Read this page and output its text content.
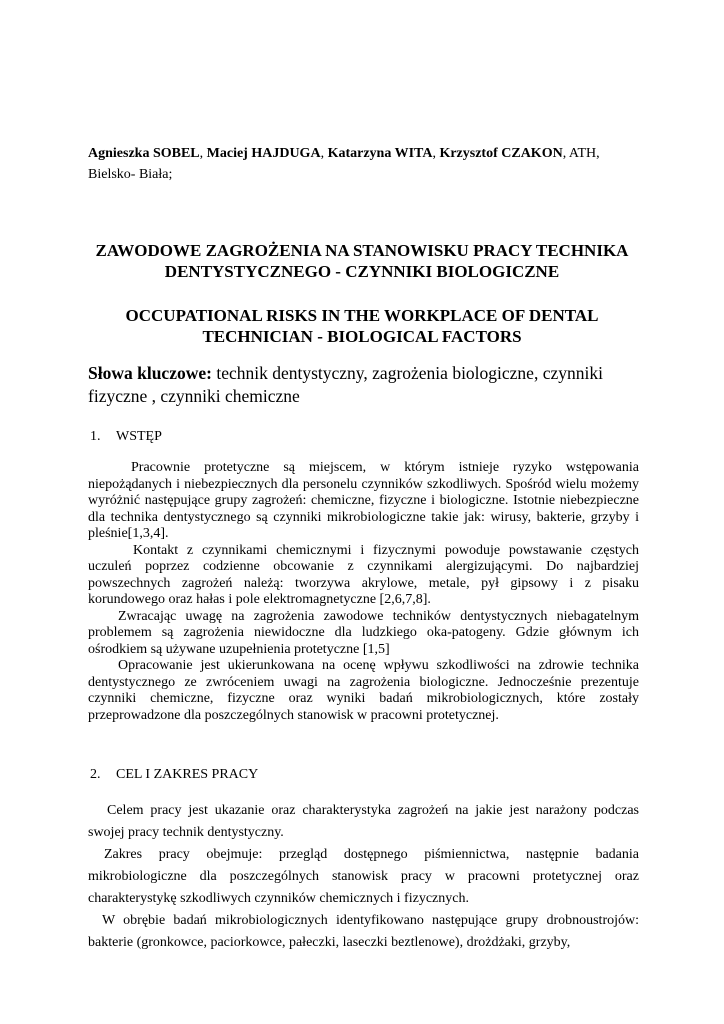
Agnieszka SOBEL, Maciej HAJDUGA, Katarzyna WITA, Krzysztof CZAKON, ATH, Bielsko- Biała;
ZAWODOWE ZAGROŻENIA NA STANOWISKU PRACY TECHNIKA
DENTYSTYCZNEGO - CZYNNIKI BIOLOGICZNE
OCCUPATIONAL RISKS IN THE WORKPLACE OF DENTAL
TECHNICIAN - BIOLOGICAL FACTORS
Słowa kluczowe: technik dentystyczny, zagrożenia biologiczne, czynniki fizyczne , czynniki chemiczne
1. WSTĘP

Pracownie protetyczne są miejscem, w którym istnieje ryzyko wstępowania niepożądanych i niebezpiecznych dla personelu czynników szkodliwych. Spośród wielu możemy wyróżnić następujące grupy zagrożeń: chemiczne, fizyczne i biologiczne. Istotnie niebezpieczne dla technika dentystycznego są czynniki mikrobiologiczne takie jak: wirusy, bakterie, grzyby i pleśnie[1,3,4].

Kontakt z czynnikami chemicznymi i fizycznymi powoduje powstawanie częstych uczuleń poprzez codzienne obcowanie z czynnikami alergizującymi. Do najbardziej powszechnych zagrożeń należą: tworzywa akrylowe, metale, pył gipsowy i z pisaku korundowego oraz hałas i pole elektromagnetyczne [2,6,7,8].

Zwracając uwagę na zagrożenia zawodowe techników dentystycznych niebagatelnym problemem są zagrożenia niewidoczne dla ludzkiego oka-patogeny. Gdzie głównym ich ośrodkiem są używane uzupełnienia protetyczne [1,5]

Opracowanie jest ukierunkowana na ocenę wpływu szkodliwości na zdrowie technika dentystycznego ze zwróceniem uwagi na zagrożenia biologiczne. Jednocześnie prezentuje czynniki chemiczne, fizyczne oraz wyniki badań mikrobiologicznych, które zostały przeprowadzone dla poszczególnych stanowisk w pracowni protetycznej.

2. CEL I ZAKRES PRACY

Celem pracy jest ukazanie oraz charakterystyka zagrożeń na jakie jest narażony podczas swojej pracy technik dentystyczny.

Zakres pracy obejmuje: przegląd dostępnego piśmiennictwa, następnie badania mikrobiologiczne dla poszczególnych stanowisk pracy w pracowni protetycznej oraz charakterystykę szkodliwych czynników chemicznych i fizycznych.

W obrębie badań mikrobiologicznych identyfikowano następujące grupy drobnoustrojów: bakterie (gronkowce, paciorkowce, pałeczki, laseczki beztlenowe), drożdżaki, grzyby,
